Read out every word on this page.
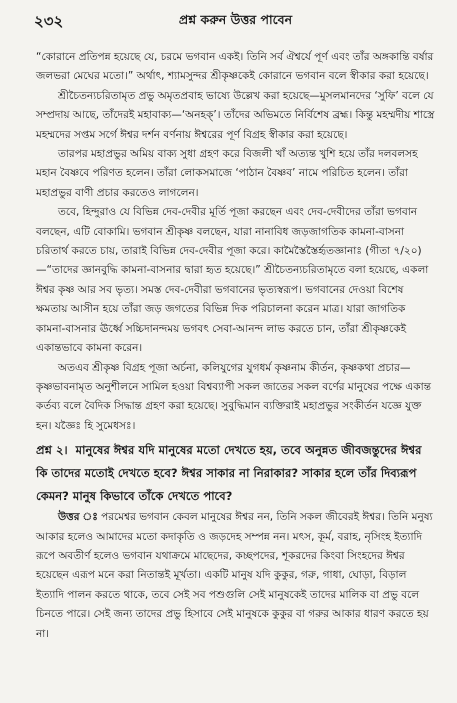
২৩২	প্রশ্ন করুন উত্তর পাবেন

“কোরানে প্রতিপন্ন হয়েছে যে, চরমে ভগবান একই। তিনি সর্ব ঐশ্বর্যে পূর্ণ এবং তাঁর অঙ্গকান্তি বর্ষার জলভরা মেঘের মতো।” অর্থাৎ, শ্যামসুন্দর শ্রীকৃষ্ণকেই কোরানে ভগবান বলে স্বীকার করা হয়েছে।

শ্রীচৈতন্যচরিতামৃত প্রভু অমৃতপ্রবাহ ভাষ্যে উল্লেখ করা হয়েছে—মুসলমানদের ‘সুফি’ বলে যে সম্প্রদায় আছে, তাঁদেরই মহাবাক্য—‘অনহক্’। তাঁদের অভিমতে নির্বিশেষ ব্রহ্ম। কিন্তু মহম্মদীয় শাস্ত্রে মহম্মদের সপ্তম সর্গে ঈশ্বর দর্শন বর্ণনায় ঈশ্বরের পূর্ণ বিগ্রহ স্বীকার করা হয়েছে।

তারপর মহাপ্রভুর অমিয় বাক্য সুধা গ্রহণ করে বিজলী খাঁ অত্যন্ত খুশি হয়ে তাঁর দলবলসহ মহান বৈষ্ণবে পরিণত হলেন। তাঁরা লোকসমাজে ‘পাঠান বৈষ্ণব’ নামে পরিচিত হলেন। তাঁরা মহাপ্রভুর বাণী প্রচার করতেও লাগলেন।

তবে, হিন্দুরাও যে বিভিন্ন দেব-দেবীর মূর্তি পূজা করছেন এবং দেব-দেবীদের তাঁরা ভগবান বলছেন, এটি বোকামি। ভগবান শ্রীকৃষ্ণ বলছেন, যারা নানাবিধ জড়জাগতিক কামনা-বাসনা চরিতার্থ করতে চায়, তারাই বিভিন্ন দেব-দেবীর পূজা করে। কামৈস্তৈস্তৈর্হৃতজ্ঞানাঃ (গীতা ৭/২০)—“তাদের জ্ঞানবুদ্ধি কামনা-বাসনার দ্বারা হৃত হয়েছে।” শ্রীচৈতন্যচরিতামৃতে বলা হয়েছে, একলা ঈশ্বর কৃষ্ণ আর সব ভৃত্য। সমস্ত দেব-দেবীরা ভগবানের ভৃত্যস্বরূপ। ভগবানের দেওয়া বিশেষ ক্ষমতায় আসীন হয়ে তাঁরা জড় জগতের বিভিন্ন দিক পরিচালনা করেন মাত্র। যারা জাগতিক কামনা-বাসনার ঊর্ধ্বে সচ্চিদানন্দময় ভগবৎ সেবা-আনন্দ লাভ করতে চান, তাঁরা শ্রীকৃষ্ণকেই একান্তভাবে কামনা করেন।

অতএব শ্রীকৃষ্ণ বিগ্রহ পূজা অর্চনা, কলিযুগের যুগধর্ম কৃষ্ণনাম কীর্তন, কৃষ্ণকথা প্রচার—কৃষ্ণভাবনামৃত অনুশীলনে সামিল হওয়া বিশ্বব্যাপী সকল জাতের সকল বর্ণের মানুষের পক্ষে একান্ত কর্তব্য বলে বৈদিক সিদ্ধান্ত গ্রহণ করা হয়েছে। সুবুদ্ধিমান ব্যক্তিরাই মহাপ্রভুর সংকীর্তন যজ্ঞে যুক্ত হন। যজ্ঞৈঃ হি সুমেধসঃ।

প্রশ্ন ২। মানুষের ঈশ্বর যদি মানুষের মতো দেখতে হয়, তবে অনুন্নত জীবজন্তুদের ঈশ্বর কি তাদের মতোই দেখতে হবে? ঈশ্বর সাকার না নিরাকার? সাকার হলে তাঁর দিব্যরূপ কেমন? মানুষ কিভাবে তাঁকে দেখতে পাবে?

উত্তর ঃ পরমেশ্বর ভগবান কেবল মানুষের ঈশ্বর নন, তিনি সকল জীবেরই ঈশ্বর। তিনি মনুষ্য আকার হলেও আমাদের মতো কদাকৃতি ও জড়দেহ সম্পন্ন নন। মৎস, কূর্ম, বরাহ, নৃসিংহ ইত্যাদি রূপে অবতীর্ণ হলেও ভগবান যথাক্রমে মাছেদের, কচ্ছপদের, শূকরদের কিংবা সিংহদের ঈশ্বর হয়েছেন এরূপ মনে করা নিতান্তই মূর্খতা। একটি মানুষ যদি কুকুর, গরু, গাধা, ঘোড়া, বিড়াল ইত্যাদি পালন করতে থাকে, তবে সেই সব পশুগুলি সেই মানুষকেই তাদের মালিক বা প্রভু বলে চিনতে পারে। সেই জন্য তাদের প্রভু হিসাবে সেই মানুষকে কুকুর বা গরুর আকার ধারণ করতে হয় না।
